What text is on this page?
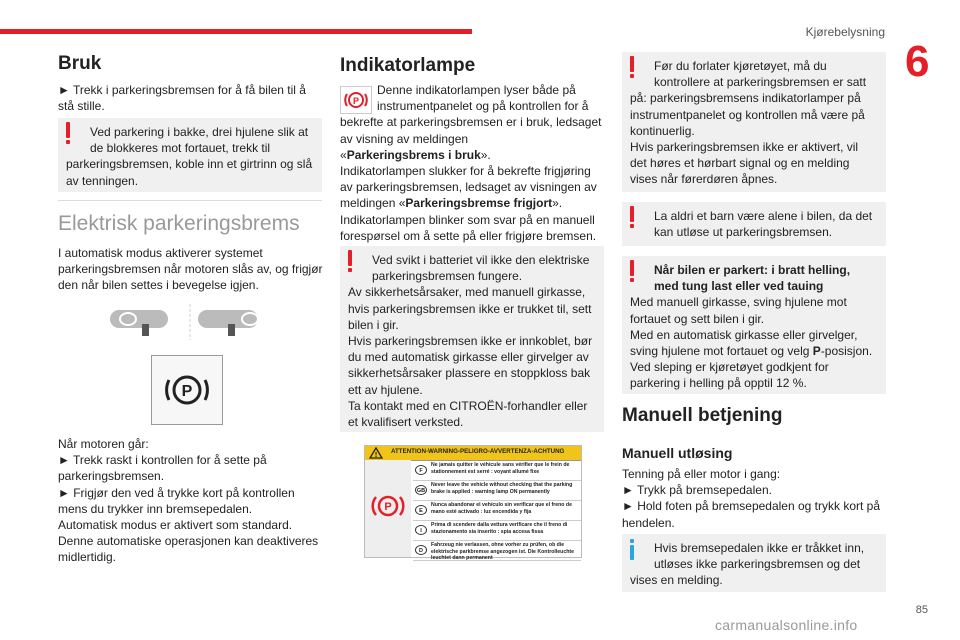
Kjørebelysning
6
85
Bruk
► Trekk i parkeringsbremsen for å få bilen til å stå stille.
Ved parkering i bakke, drei hjulene slik at de blokkeres mot fortauet, trekk til
parkeringsbremsen, koble inn et girtrinn og slå av tenningen.
Elektrisk parkeringsbrems
I automatisk modus aktiverer systemet parkeringsbremsen når motoren slås av, og frigjør den når bilen settes i bevegelse igjen.
P
Når motoren går:
► Trekk raskt i kontrollen for å sette på parkeringsbremsen.
► Frigjør den ved å trykke kort på kontrollen mens du trykker inn bremsepedalen.
Automatisk modus er aktivert som standard.
Denne automatiske operasjonen kan deaktiveres midlertidig.
Indikatorlampe
P
Denne indikatorlampen lyser både på instrumentpanelet og på kontrollen for å
bekrefte at parkeringsbremsen er i bruk, ledsaget av visning av meldingen
«Parkeringsbrems i bruk».
Indikatorlampen slukker for å bekrefte frigjøring av parkeringsbremsen, ledsaget av visningen av meldingen «Parkeringsbremse frigjort».
Indikatorlampen blinker som svar på en manuell forespørsel om å sette på eller frigjøre bremsen.
Ved svikt i batteriet vil ikke den elektriske parkeringsbremsen fungere.
Av sikkerhetsårsaker, med manuell girkasse, hvis parkeringsbremsen ikke er trukket til, sett bilen i gir.
Hvis parkeringsbremsen ikke er innkoblet, bør du med automatisk girkasse eller girvelger av sikkerhetsårsaker plassere en stoppkloss bak ett av hjulene.
Ta kontakt med en CITROËN-forhandler eller et kvalifisert verksted.
!
ATTENTION-WARNING-PELIGRO-AVVERTENZA-ACHTUNG
P
F
Ne jamais quitter le véhicule sans vérifier que le frein de stationnement est serré : voyant allumé fixe
GB
Never leave the vehicle without checking that the parking brake is applied : warning lamp ON permanently
E
Nunca abandonar el vehículo sin verificar que el freno de mano esté activado : luz encendida y fija
I
Prima di scendere dalla vettura verificare che il freno di stazionamento sia inserito : spia accesa fissa
D
Fahrzeug nie verlassen, ohne vorher zu prüfen, ob die elektrische parkbremse angezogen ist. Die Kontrolleuchte leuchtet dann permanent
Før du forlater kjøretøyet, må du kontrollere at parkeringsbremsen er satt
på: parkeringsbremsens indikatorlamper på instrumentpanelet og kontrollen må være på kontinuerlig.
Hvis parkeringsbremsen ikke er aktivert, vil det høres et hørbart signal og en melding vises når førerdøren åpnes.
La aldri et barn være alene i bilen, da det kan utløse ut parkeringsbremsen.
Når bilen er parkert: i bratt helling, med tung last eller ved tauing
Med manuell girkasse, sving hjulene mot fortauet og sett bilen i gir.
Med en automatisk girkasse eller girvelger, sving hjulene mot fortauet og velg P-posisjon.
Ved sleping er kjøretøyet godkjent for parkering i helling på opptil 12 %.
Manuell betjening
Manuell utløsing
Tenning på eller motor i gang:
► Trykk på bremsepedalen.
► Hold foten på bremsepedalen og trykk kort på hendelen.
Hvis bremsepedalen ikke er tråkket inn, utløses ikke parkeringsbremsen og det
vises en melding.
carmanualsonline.info
